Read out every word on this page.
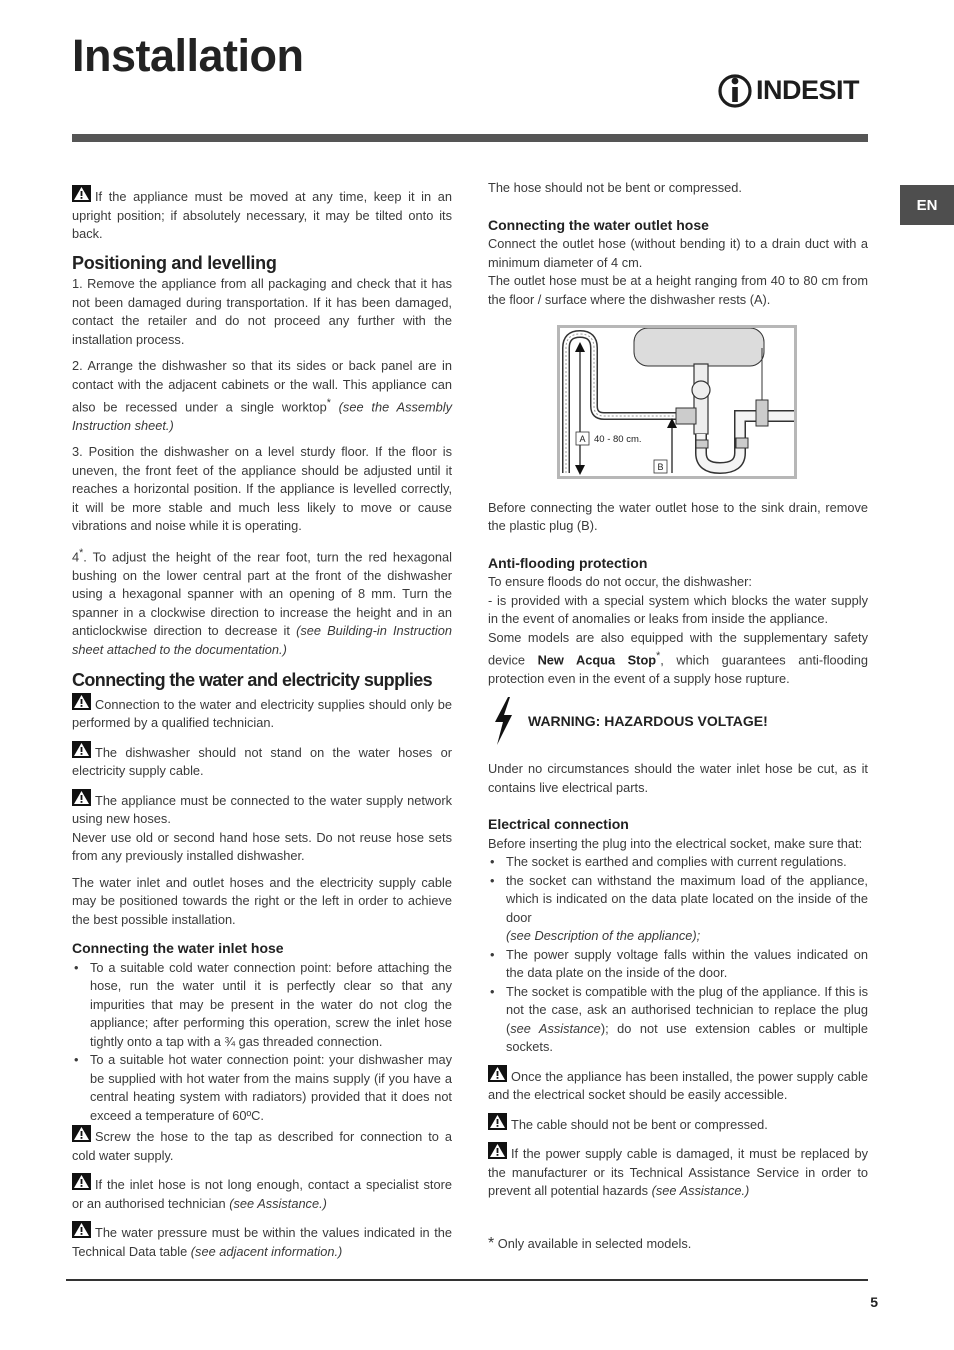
Installation
INDESIT
EN

If the appliance must be moved at any time, keep it in an upright position; if absolutely necessary, it may be tilted onto its back.

Positioning and levelling

1. Remove the appliance from all packaging and check that it has not been damaged during transportation. If it has been damaged, contact the retailer and do not proceed any further with the installation process.

2. Arrange the dishwasher so that its sides or back panel are in contact with the adjacent cabinets or the wall. This appliance can also be recessed under a single worktop* (see the Assembly Instruction sheet.)

3. Position the dishwasher on a level sturdy floor. If the floor is uneven, the front feet of the appliance should be adjusted until it reaches a horizontal position. If the appliance is levelled correctly, it will be more stable and much less likely to move or cause vibrations and noise while it is operating.

4*. To adjust the height of the rear foot, turn the red hexagonal bushing on the lower central part at the front of the dishwasher using a hexagonal spanner with an opening of 8 mm. Turn the spanner in a clockwise direction to increase the height and in an anticlockwise direction to decrease it (see Building-in Instruction sheet attached to the documentation.)

Connecting the water and electricity supplies

Connection to the water and electricity supplies should only be performed by a qualified technician.

The dishwasher should not stand on the water hoses or electricity supply cable.

The appliance must be connected to the water supply network using new hoses.

Never use old or second hand hose sets. Do not reuse hose sets from any previously installed dishwasher.

The water inlet and outlet hoses and the electricity supply cable may be positioned towards the right or the left in order to achieve the best possible installation.

Connecting the water inlet hose
• To a suitable cold water connection point: before attaching the hose, run the water until it is perfectly clear so that any impurities that may be present in the water do not clog the appliance; after performing this operation, screw the inlet hose tightly onto a tap with a ¾ gas threaded connection.
• To a suitable hot water connection point: your dishwasher may be supplied with hot water from the mains supply (if you have a central heating system with radiators) provided that it does not exceed a temperature of 60ºC.

Screw the hose to the tap as described for connection to a cold water supply.

If the inlet hose is not long enough, contact a specialist store or an authorised technician (see Assistance.)

The water pressure must be within the values indicated in the Technical Data table (see adjacent information.)

The hose should not be bent or compressed.

Connecting the water outlet hose

Connect the outlet hose (without bending it) to a drain duct with a minimum diameter of 4 cm.

The outlet hose must be at a height ranging from 40 to 80 cm from the floor / surface where the dishwasher rests (A).

A 40 - 80 cm.
B

Before connecting the water outlet hose to the sink drain, remove the plastic plug (B).

Anti-flooding protection

To ensure floods do not occur, the dishwasher:

- is provided with a special system which blocks the water supply in the event of anomalies or leaks from inside the appliance.

Some models are also equipped with the supplementary safety device New Acqua Stop*, which guarantees anti-flooding protection even in the event of a supply hose rupture.

WARNING: HAZARDOUS VOLTAGE!

Under no circumstances should the water inlet hose be cut, as it contains live electrical parts.

Electrical connection

Before inserting the plug into the electrical socket, make sure that:

• The socket is earthed and complies with current regulations.
• the socket can withstand the maximum load of the appliance, which is indicated on the data plate located on the inside of the door
(see Description of the appliance);
• The power supply voltage falls within the values indicated on the data plate on the inside of the door.
• The socket is compatible with the plug of the appliance. If this is not the case, ask an authorised technician to replace the plug (see Assistance); do not use extension cables or multiple sockets.

Once the appliance has been installed, the power supply cable and the electrical socket should be easily accessible.

The cable should not be bent or compressed.

If the power supply cable is damaged, it must be replaced by the manufacturer or its Technical Assistance Service in order to prevent all potential hazards (see Assistance.)

* Only available in selected models.

5
